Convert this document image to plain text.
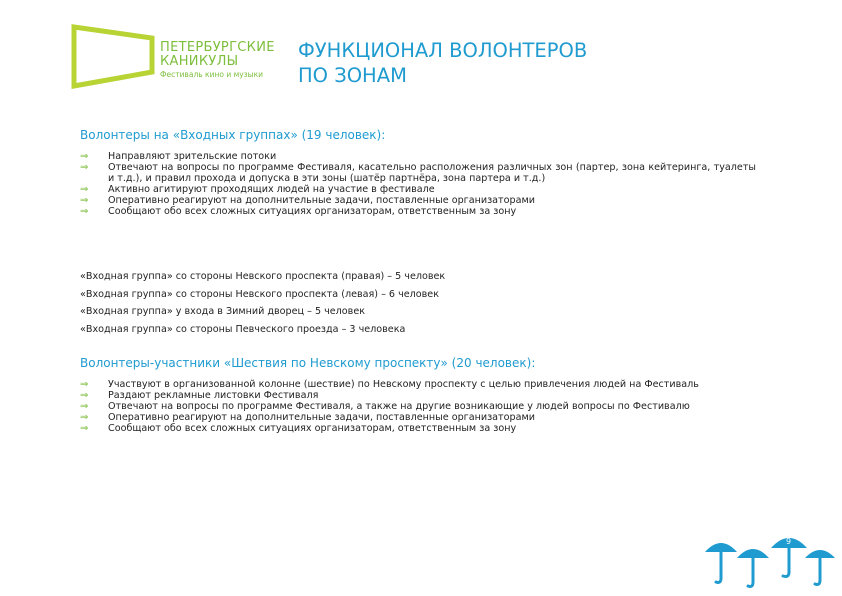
ПЕТЕРБУРГСКИЕ
КАНИКУЛЫ
Фестиваль кино и музыки
ФУНКЦИОНАЛ ВОЛОНТЕРОВ
ПО ЗОНАМ
Волонтеры на «Входных группах» (19 человек):
⇒ Направляют зрительские потоки
⇒ Отвечают на вопросы по программе Фестиваля, касательно расположения различных зон (партер, зона кейтеринга, туалеты и т.д.), и правил прохода и допуска в эти зоны (шатёр партнёра, зона партера и т.д.)
⇒ Активно агитируют проходящих людей на участие в фестивале
⇒ Оперативно реагируют на дополнительные задачи, поставленные организаторами
⇒ Сообщают обо всех сложных ситуациях организаторам, ответственным за зону
«Входная группа» со стороны Невского проспекта (правая) – 5 человек
«Входная группа» со стороны Невского проспекта (левая) – 6 человек
«Входная группа» у входа в Зимний дворец – 5 человек
«Входная группа» со стороны Певческого проезда – 3 человека
Волонтеры-участники «Шествия по Невскому проспекту» (20 человек):
⇒ Участвуют в организованной колонне (шествие) по Невскому проспекту с целью привлечения людей на Фестиваль
⇒ Раздают рекламные листовки Фестиваля
⇒ Отвечают на вопросы по программе Фестиваля, а также на другие возникающие у людей вопросы по Фестивалю
⇒ Оперативно реагируют на дополнительные задачи, поставленные организаторами
⇒ Сообщают обо всех сложных ситуациях организаторам, ответственным за зону
9
